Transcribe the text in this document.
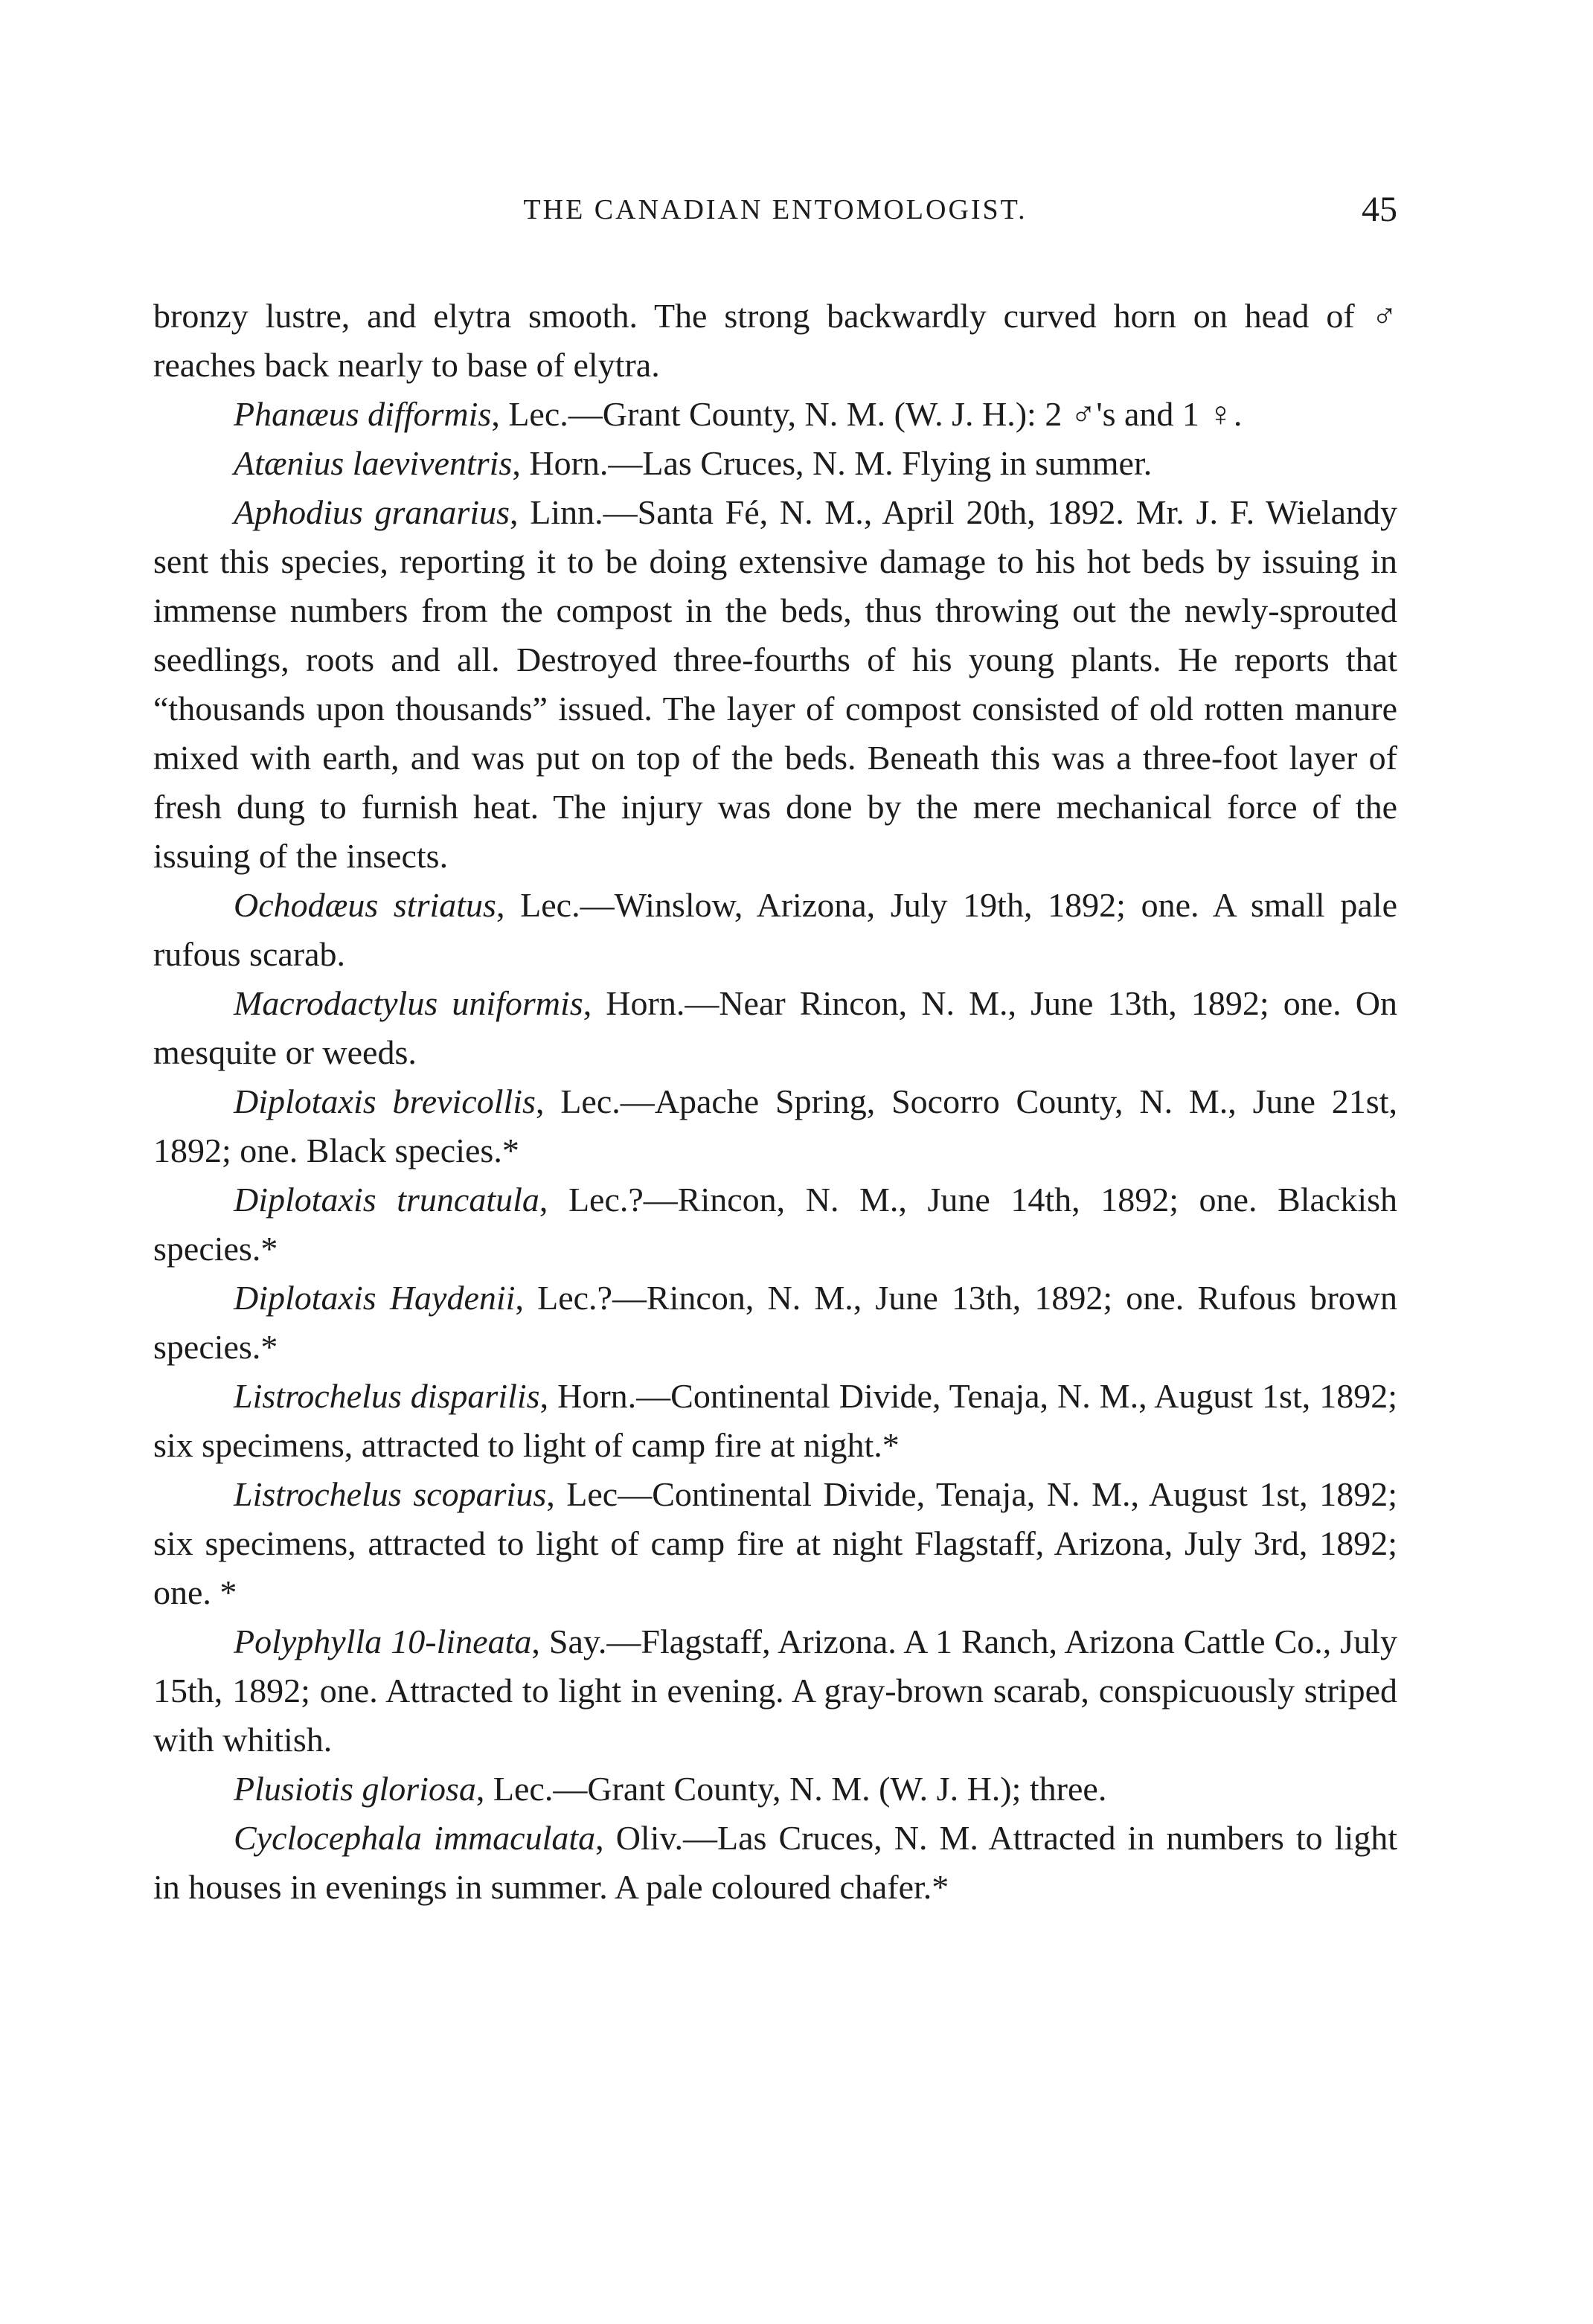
THE CANADIAN ENTOMOLOGIST.	45

bronzy lustre, and elytra smooth. The strong backwardly curved horn on head of ♂ reaches back nearly to base of elytra.

Phanæus difformis, Lec.—Grant County, N. M. (W. J. H.): 2 ♂'s and 1 ♀.

Atænius laeviventris, Horn.—Las Cruces, N. M. Flying in summer.

Aphodius granarius, Linn.—Santa Fé, N. M., April 20th, 1892. Mr. J. F. Wielandy sent this species, reporting it to be doing extensive damage to his hot beds by issuing in immense numbers from the compost in the beds, thus throwing out the newly-sprouted seedlings, roots and all. Destroyed three-fourths of his young plants. He reports that “thousands upon thousands” issued. The layer of compost consisted of old rotten manure mixed with earth, and was put on top of the beds. Beneath this was a three-foot layer of fresh dung to furnish heat. The injury was done by the mere mechanical force of the issuing of the insects.

Ochodæus striatus, Lec.—Winslow, Arizona, July 19th, 1892; one. A small pale rufous scarab.

Macrodactylus uniformis, Horn.—Near Rincon, N. M., June 13th, 1892; one. On mesquite or weeds.

Diplotaxis brevicollis, Lec.—Apache Spring, Socorro County, N. M., June 21st, 1892; one. Black species.*

Diplotaxis truncatula, Lec.?—Rincon, N. M., June 14th, 1892; one. Blackish species.*

Diplotaxis Haydenii, Lec.?—Rincon, N. M., June 13th, 1892; one. Rufous brown species.*

Listrochelus disparilis, Horn.—Continental Divide, Tenaja, N. M., August 1st, 1892; six specimens, attracted to light of camp fire at night.*

Listrochelus scoparius, Lec—Continental Divide, Tenaja, N. M., August 1st, 1892; six specimens, attracted to light of camp fire at night Flagstaff, Arizona, July 3rd, 1892; one. *

Polyphylla 10-lineata, Say.—Flagstaff, Arizona. A 1 Ranch, Arizona Cattle Co., July 15th, 1892; one. Attracted to light in evening. A gray-brown scarab, conspicuously striped with whitish.

Plusiotis gloriosa, Lec.—Grant County, N. M. (W. J. H.); three.

Cyclocephala immaculata, Oliv.—Las Cruces, N. M. Attracted in numbers to light in houses in evenings in summer. A pale coloured chafer.*
